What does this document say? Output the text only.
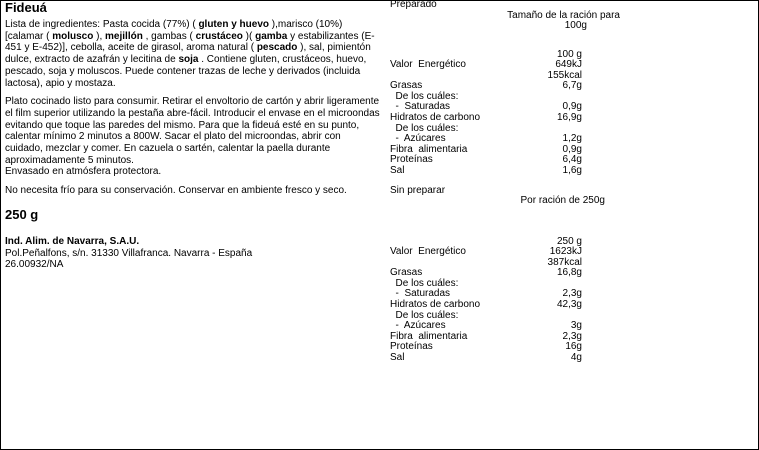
Fideuá
Lista de ingredientes: Pasta cocida (77%) ( gluten y huevo ),marisco (10%)[calamar ( molusco ), mejillón , gambas ( crustáceo )( gamba y estabilizantes (E-451 y E-452)], cebolla, aceite de girasol, aroma natural ( pescado ), sal, pimientón dulce, extracto de azafrán y lecitina de soja . Contiene gluten, crustáceos, huevo, pescado, soja y moluscos. Puede contener trazas de leche y derivados (incluida lactosa), apio y mostaza.
Plato cocinado listo para consumir. Retirar el envoltorio de cartón y abrir ligeramente el film superior utilizando la pestaña abre-fácil. Introducir el envase en el microondas evitando que toque las paredes del mismo. Para que la fideuá esté en su punto, calentar mínimo 2 minutos a 800W. Sacar el plato del microondas, abrir con cuidado, mezclar y comer. En cazuela o sartén, calentar la paella durante aproximadamente 5 minutos.
Envasado en atmósfera protectora.
No necesita frío para su conservación. Conservar en ambiente fresco y seco.
250 g
Ind. Alim. de Navarra, S.A.U.
Pol.Peñalfons, s/n. 31330 Villafranca. Navarra - España
26.00932/NA
Preparado
Tamaño de la ración para
100g
100 g
Valor  Energético	649kJ
155kcal
Grasas	6,7g
De los cuáles:
-  Saturadas	0,9g
Hidratos de carbono	16,9g
De los cuáles:
-  Azúcares	1,2g
Fibra  alimentaria	0,9g
Proteínas	6,4g
Sal	1,6g
Sin preparar
Por ración de 250g
250 g
Valor  Energético	1623kJ
387kcal
Grasas	16,8g
De los cuáles:
-  Saturadas	2,3g
Hidratos de carbono	42,3g
De los cuáles:
-  Azúcares	3g
Fibra  alimentaria	2,3g
Proteínas	16g
Sal	4g
